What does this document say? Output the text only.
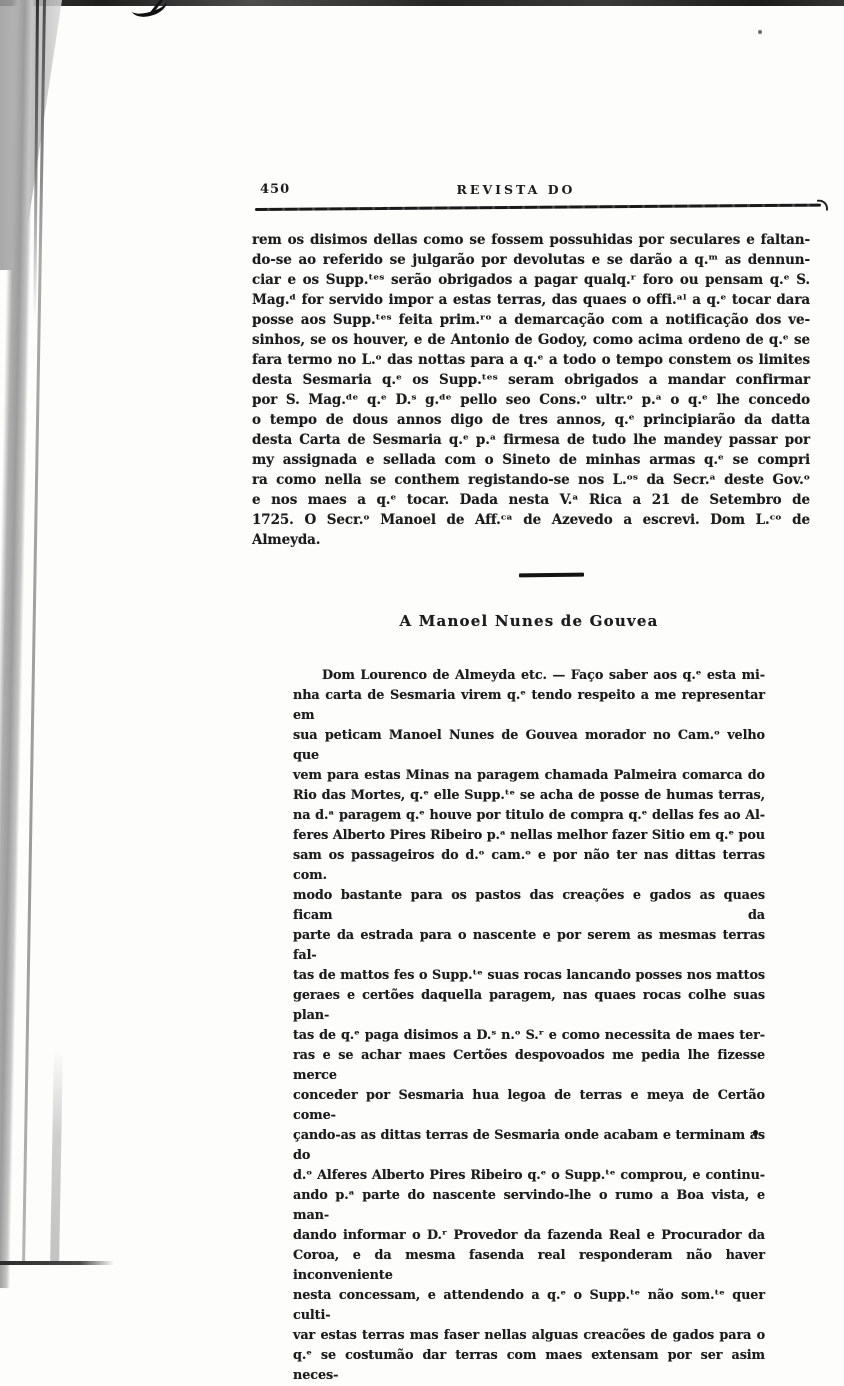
450	REVISTA DO
rem os disimos dellas como se fossem possuhidas por seculares e faltan-
do-se ao referido se julgarão por devolutas e se darão a q.ᵐ as dennun-
ciar e os Supp.ᵗᵉˢ serão obrigados a pagar qualq.ʳ foro ou pensam q.ᵉ S.
Mag.ᵈ for servido impor a estas terras, das quaes o offi.ᵃˡ a q.ᵉ tocar dara
posse aos Supp.ᵗᵉˢ feita prim.ʳᵒ a demarcação com a notificação dos ve-
sinhos, se os houver, e de Antonio de Godoy, como acima ordeno de q.ᵉ se
fara termo no L.ᵒ das nottas para a q.ᵉ a todo o tempo constem os limites
desta Sesmaria q.ᵉ os Supp.ᵗᵉˢ seram obrigados a mandar confirmar
por S. Mag.ᵈᵉ q.ᵉ D.ˢ g.ᵈᵉ pello seo Cons.ᵒ ultr.ᵒ p.ᵃ o q.ᵉ lhe concedo
o tempo de dous annos digo de tres annos, q.ᵉ principiarão da datta
desta Carta de Sesmaria q.ᵉ p.ᵃ firmesa de tudo lhe mandey passar por
my assignada e sellada com o Sineto de minhas armas q.ᵉ se compri
ra como nella se conthem registando-se nos L.ᵒˢ da Secr.ᵃ deste Gov.ᵒ
e nos maes a q.ᵉ tocar. Dada nesta V.ᵃ Rica a 21 de Setembro de
1725. O Secr.ᵒ Manoel de Aff.ᶜᵃ de Azevedo a escrevi. Dom L.ᶜᵒ de
Almeyda.
A Manoel Nunes de Gouvea
Dom Lourenco de Almeyda etc. — Faço saber aos q.ᵉ esta mi-
nha carta de Sesmaria virem q.ᵉ tendo respeito a me representar em
sua peticam Manoel Nunes de Gouvea morador no Cam.ᵒ velho que
vem para estas Minas na paragem chamada Palmeira comarca do
Rio das Mortes, q.ᵉ elle Supp.ᵗᵉ se acha de posse de humas terras,
na d.ᵃ paragem q.ᵉ houve por titulo de compra q.ᵉ dellas fes ao Al-
feres Alberto Pires Ribeiro p.ᵃ nellas melhor fazer Sitio em q.ᵉ pou
sam os passageiros do d.ᵒ cam.ᵒ e por não ter nas dittas terras com.
modo bastante para os pastos das creações e gados as quaes ficam da
parte da estrada para o nascente e por serem as mesmas terras fal-
tas de mattos fes o Supp.ᵗᵉ suas rocas lancando posses nos mattos
geraes e certões daquella paragem, nas quaes rocas colhe suas plan-
tas de q.ᵉ paga disimos a D.ˢ n.ᵒ S.ʳ e como necessita de maes ter-
ras e se achar maes Certões despovoados me pedia lhe fizesse merce
conceder por Sesmaria hua legoa de terras e meya de Certão come-
çando-as as dittas terras de Sesmaria onde acabam e terminam as do
d.ᵒ Alferes Alberto Pires Ribeiro q.ᵉ o Supp.ᵗᵉ comprou, e continu-
ando p.ᵃ parte do nascente servindo-lhe o rumo a Boa vista, e man-
dando informar o D.ʳ Provedor da fazenda Real e Procurador da
Coroa, e da mesma fasenda real responderam não haver inconveniente
nesta concessam, e attendendo a q.ᵉ o Supp.ᵗᵉ não som.ᵗᵉ quer culti-
var estas terras mas faser nellas alguas creacões de gados para o
q.ᵉ se costumão dar terras com maes extensam por ser asim neces-
